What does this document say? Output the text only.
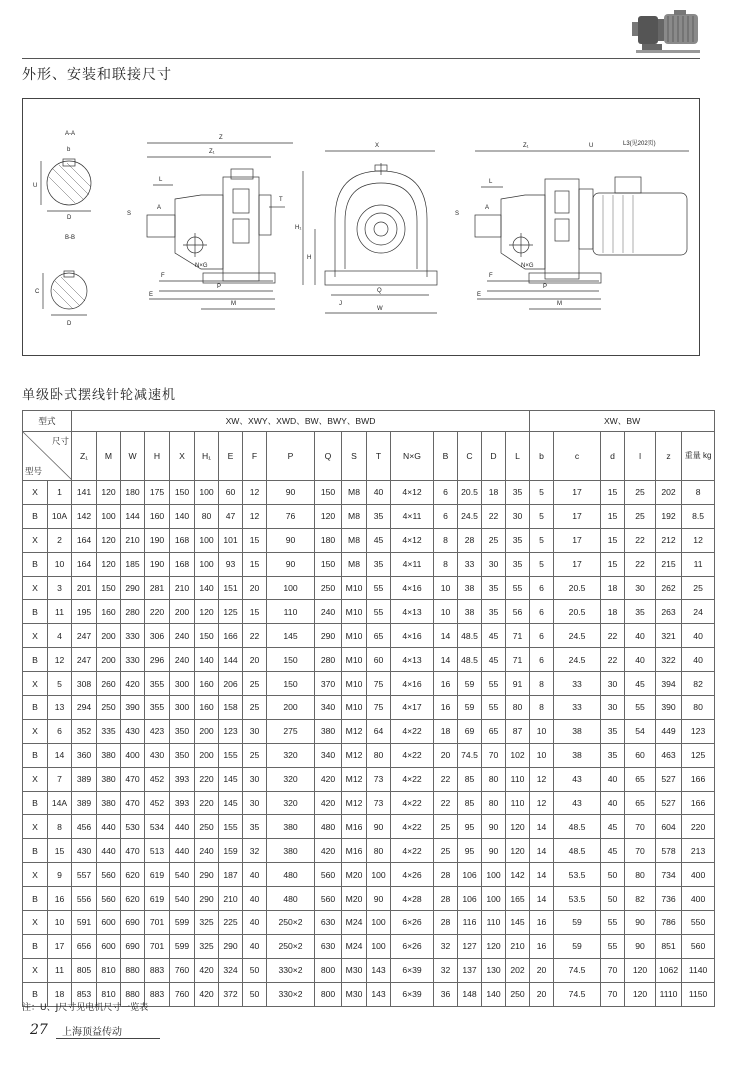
外形、安装和联接尺寸
A-A
U
D
b
B-B
C
D
Z
Z₁
L
T
S
A
N×G
F
P
E
M
X
H
H₁
Q
W
J
Z₁	U	L3(见202页)
L
S
A
N×G
F
P
E
M
单级卧式摆线针轮减速机
型式		XW、XWY、XWD、BW、BWY、BWD																	XW、BW					

尺寸
型号		Z₁	M	W	H	X	H₁	E	F	P	Q	S	T	N×G	B	C	D	L	b	c	d	l	z	重量 kg
X	1	141	120	180	175	150	100	60	12	90	150	M8	40	4×12	6	20.5	18	35	5	17	15	25	202	8
B	10A	142	100	144	160	140	80	47	12	76	120	M8	35	4×11	6	24.5	22	30	5	17	15	25	192	8.5
X	2	164	120	210	190	168	100	101	15	90	180	M8	45	4×12	8	28	25	35	5	17	15	22	212	12
B	10	164	120	185	190	168	100	93	15	90	150	M8	35	4×11	8	33	30	35	5	17	15	22	215	11
X	3	201	150	290	281	210	140	151	20	100	250	M10	55	4×16	10	38	35	55	6	20.5	18	30	262	25
B	11	195	160	280	220	200	120	125	15	110	240	M10	55	4×13	10	38	35	56	6	20.5	18	35	263	24
X	4	247	200	330	306	240	150	166	22	145	290	M10	65	4×16	14	48.5	45	71	6	24.5	22	40	321	40
B	12	247	200	330	296	240	140	144	20	150	280	M10	60	4×13	14	48.5	45	71	6	24.5	22	40	322	40
X	5	308	260	420	355	300	160	206	25	150	370	M10	75	4×16	16	59	55	91	8	33	30	45	394	82
B	13	294	250	390	355	300	160	158	25	200	340	M10	75	4×17	16	59	55	80	8	33	30	55	390	80
X	6	352	335	430	423	350	200	123	30	275	380	M12	64	4×22	18	69	65	87	10	38	35	54	449	123
B	14	360	380	400	430	350	200	155	25	320	340	M12	80	4×22	20	74.5	70	102	10	38	35	60	463	125
X	7	389	380	470	452	393	220	145	30	320	420	M12	73	4×22	22	85	80	110	12	43	40	65	527	166
B	14A	389	380	470	452	393	220	145	30	320	420	M12	73	4×22	22	85	80	110	12	43	40	65	527	166
X	8	456	440	530	534	440	250	155	35	380	480	M16	90	4×22	25	95	90	120	14	48.5	45	70	604	220
B	15	430	440	470	513	440	240	159	32	380	420	M16	80	4×22	25	95	90	120	14	48.5	45	70	578	213
X	9	557	560	620	619	540	290	187	40	480	560	M20	100	4×26	28	106	100	142	14	53.5	50	80	734	400
B	16	556	560	620	619	540	290	210	40	480	560	M20	90	4×28	28	106	100	165	14	53.5	50	82	736	400
X	10	591	600	690	701	599	325	225	40	250×2	630	M24	100	6×26	28	116	110	145	16	59	55	90	786	550
B	17	656	600	690	701	599	325	290	40	250×2	630	M24	100	6×26	32	127	120	210	16	59	55	90	851	560
X	11	805	810	880	883	760	420	324	50	330×2	800	M30	143	6×39	32	137	130	202	20	74.5	70	120	1062	1140
B	18	853	810	880	883	760	420	372	50	330×2	800	M30	143	6×39	36	148	140	250	20	74.5	70	120	1110	1150
注：U、J尺寸见电机尺寸一览表
27 上海顶益传动
